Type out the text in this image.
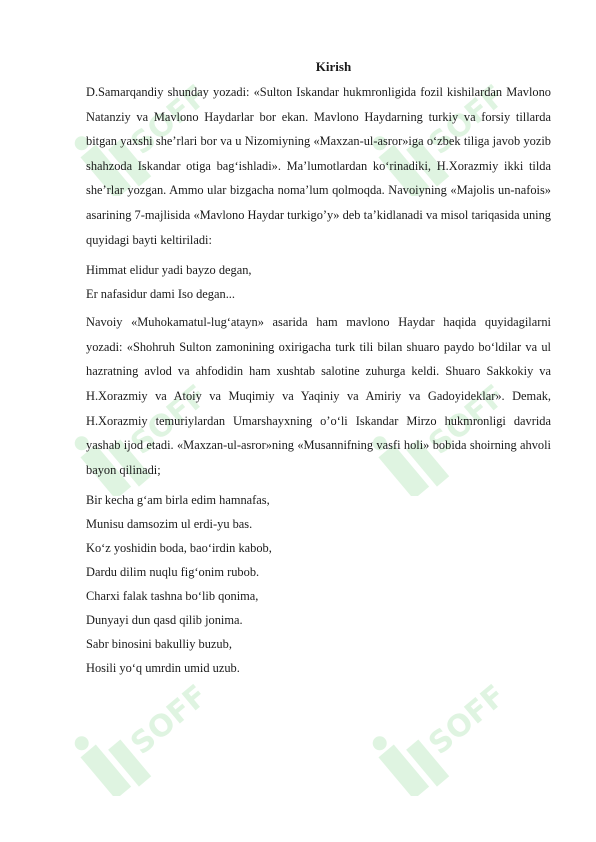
SOFF	SOFF
SOFF	SOFF
SOFF	SOFF
Kirish

D.Samarqandiy shunday yozadi: «Sulton Iskandar hukmronligida fozil kishilardan Mavlono Natanziy va Mavlono Haydarlar bor ekan. Mavlono Haydarning turkiy va forsiy tillarda bitgan yaxshi she’rlari bor va u Nizomiyning «Maxzan-ul-asror»iga o‘zbek tiliga javob yozib shahzoda Iskandar otiga bag‘ishladi». Ma’lumotlardan ko‘rinadiki, H.Xorazmiy ikki tilda she’rlar yozgan. Ammo ular bizgacha noma’lum qolmoqda. Navoiyning «Majolis un-nafois» asarining 7-majlisida «Mavlono Haydar turkigo’y» deb ta’kidlanadi va misol tariqasida uning quyidagi bayti keltiriladi:

Himmat elidur yadi bayzo degan,
Er nafasidur dami Iso degan...

Navoiy «Muhokamatul-lug‘atayn» asarida ham mavlono Haydar haqida quyidagilarni yozadi: «Shohruh Sulton zamonining oxirigacha turk tili bilan shuaro paydo bo‘ldilar va ul hazratning avlod va ahfodidin ham xushtab salotine zuhurga keldi. Shuaro Sakkokiy va H.Xorazmiy va Atoiy va Muqimiy va Yaqiniy va Amiriy va Gadoyideklar». Demak, H.Xorazmiy temuriylardan Umarshayxning o’o‘li Iskandar Mirzo hukmronligi davrida yashab ijod etadi. «Maxzan-ul-asror»ning «Musannifning vasfi holi» bobida shoirning ahvoli bayon qilinadi;

Bir kecha g‘am birla edim hamnafas,
Munisu damsozim ul erdi-yu bas.
Ko‘z yoshidin boda, bao‘irdin kabob,
Dardu dilim nuqlu fig‘onim rubob.
Charxi falak tashna bo‘lib qonima,
Dunyayi dun qasd qilib jonima.
Sabr binosini bakulliy buzub,
Hosili yo‘q umrdin umid uzub.
